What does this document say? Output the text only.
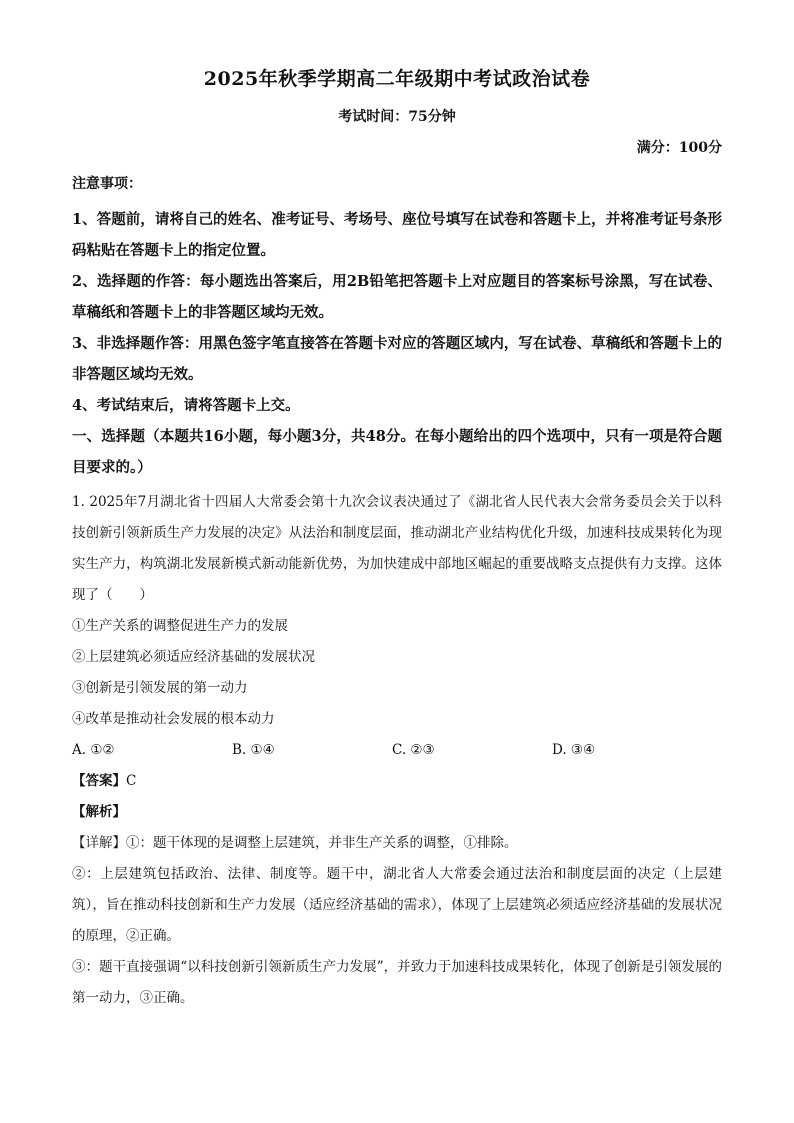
2025年秋季学期高二年级期中考试政治试卷
考试时间：75分钟
满分：100分
注意事项：

1、答题前，请将自己的姓名、准考证号、考场号、座位号填写在试卷和答题卡上，并将准考证号条形码粘贴在答题卡上的指定位置。

2、选择题的作答：每小题选出答案后，用2B铅笔把答题卡上对应题目的答案标号涂黑，写在试卷、草稿纸和答题卡上的非答题区域均无效。

3、非选择题作答：用黑色签字笔直接答在答题卡对应的答题区域内，写在试卷、草稿纸和答题卡上的非答题区域均无效。

4、考试结束后，请将答题卡上交。

一、选择题（本题共16小题，每小题3分，共48分。在每小题给出的四个选项中，只有一项是符合题目要求的。）

1. 2025年7月湖北省十四届人大常委会第十九次会议表决通过了《湖北省人民代表大会常务委员会关于以科技创新引领新质生产力发展的决定》从法治和制度层面，推动湖北产业结构优化升级，加速科技成果转化为现实生产力，构筑湖北发展新模式新动能新优势，为加快建成中部地区崛起的重要战略支点提供有力支撑。这体现了（　　）

①生产关系的调整促进生产力的发展

②上层建筑必须适应经济基础的发展状况

③创新是引领发展的第一动力

④改革是推动社会发展的根本动力

A. ①②	B. ①④	C. ②③	D. ③④

【答案】C

【解析】

【详解】①：题干体现的是调整上层建筑，并非生产关系的调整，①排除。

②：上层建筑包括政治、法律、制度等。题干中，湖北省人大常委会通过法治和制度层面的决定（上层建筑），旨在推动科技创新和生产力发展（适应经济基础的需求），体现了上层建筑必须适应经济基础的发展状况的原理，②正确。

③：题干直接强调“以科技创新引领新质生产力发展”，并致力于加速科技成果转化，体现了创新是引领发展的第一动力，③正确。
